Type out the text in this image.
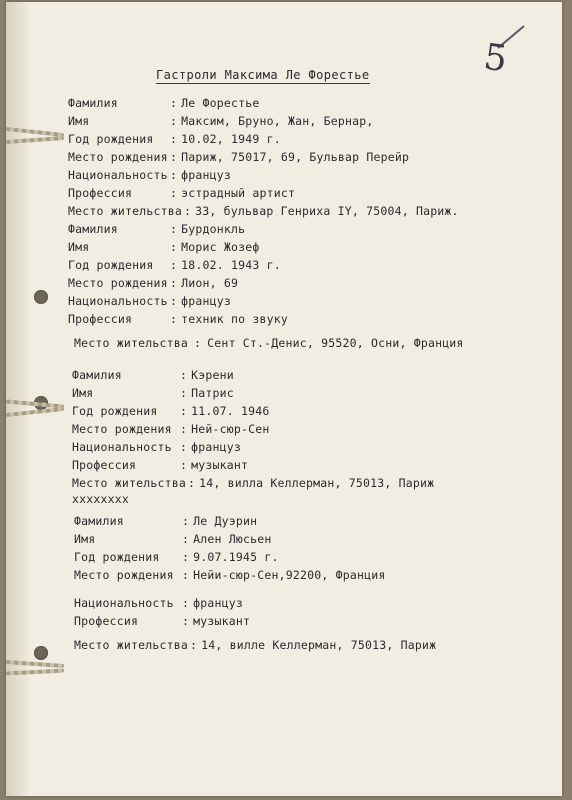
5
Гастроли Максима Ле Форестье
Фамилия	: Ле Форестье
Имя	: Максим, Бруно, Жан, Бернар,
Год рождения : 10.02, 1949 г.
Место рождения : Париж, 75017, 69, Бульвар Перейр
Национальность : француз
Профессия	: эстрадный артист
Место жительства : 33, бульвар Генриха IY, 75004, Париж.
Фамилия	: Бурдонкль
Имя	: Морис Жозеф
Год рождения : 18.02. 1943 г.
Место рождения : Лион, 69
Национальность : француз
Профессия	: техник по звуку
Место жительства : Сент Ст.-Денис, 95520, Осни, Франция
Фамилия	: Кэрени
Имя	: Патрис
Год рождения : 11.07. 1946
Место рождения : Ней-сюр-Сен
Национальность : француз
Профессия	: музыкант
Место жительства : 14, вилла Келлерман, 75013, Париж
xxxxxxxx
Фамилия	: Ле Дуэрин
Имя	: Ален Люсьен
Год рождения : 9.07.1945 г.
Место рождения : Нейи-сюр-Сен,92200, Франция
Национальность : француз
Профессия	: музыкант
Место жительства : 14, вилле Келлерман, 75013, Париж
